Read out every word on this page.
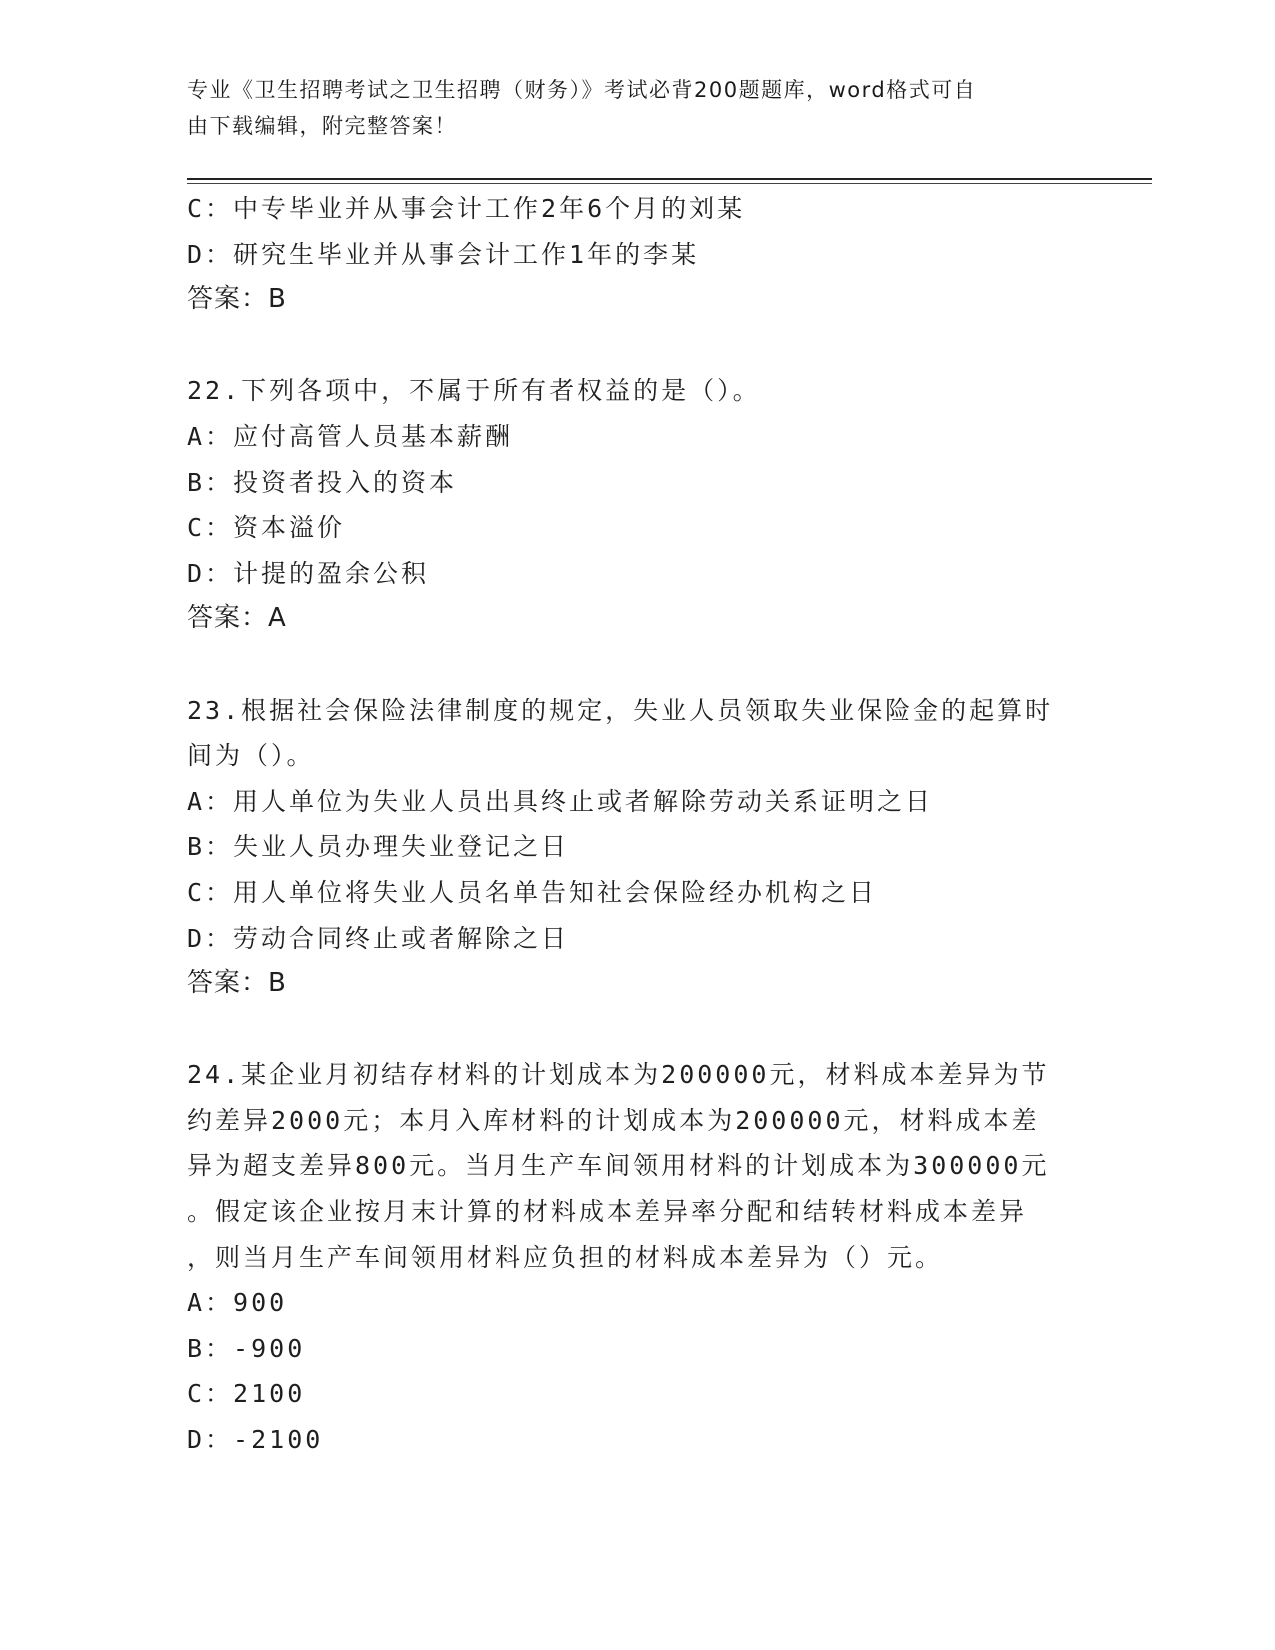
专业《卫生招聘考试之卫生招聘（财务）》考试必背200题题库，word格式可自
由下载编辑，附完整答案！
C：中专毕业并从事会计工作2年6个月的刘某
D：研究生毕业并从事会计工作1年的李某
答案：B
22.下列各项中，不属于所有者权益的是（）。
A：应付高管人员基本薪酬
B：投资者投入的资本
C：资本溢价
D：计提的盈余公积
答案：A
23.根据社会保险法律制度的规定，失业人员领取失业保险金的起算时
间为（）。
A：用人单位为失业人员出具终止或者解除劳动关系证明之日
B：失业人员办理失业登记之日
C：用人单位将失业人员名单告知社会保险经办机构之日
D：劳动合同终止或者解除之日
答案：B
24.某企业月初结存材料的计划成本为200000元，材料成本差异为节
约差异2000元；本月入库材料的计划成本为200000元，材料成本差
异为超支差异800元。当月生产车间领用材料的计划成本为300000元
。假定该企业按月末计算的材料成本差异率分配和结转材料成本差异
，则当月生产车间领用材料应负担的材料成本差异为（）元。
A：900
B：-900
C：2100
D：-2100
